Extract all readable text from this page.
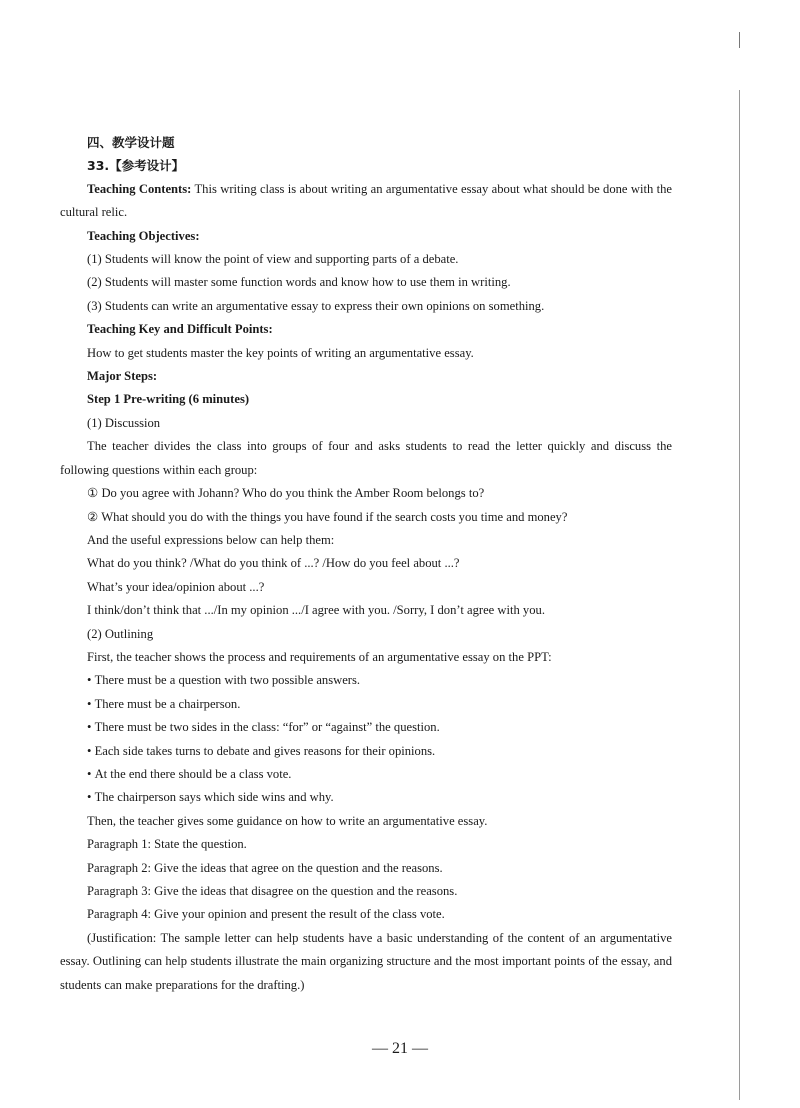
四、教学设计题

33.【参考设计】

Teaching Contents: This writing class is about writing an argumentative essay about what should be done with the cultural relic.

Teaching Objectives:

(1) Students will know the point of view and supporting parts of a debate.

(2) Students will master some function words and know how to use them in writing.

(3) Students can write an argumentative essay to express their own opinions on something.

Teaching Key and Difficult Points:

How to get students master the key points of writing an argumentative essay.

Major Steps:

Step 1 Pre-writing (6 minutes)

(1) Discussion

The teacher divides the class into groups of four and asks students to read the letter quickly and discuss the following questions within each group:

① Do you agree with Johann? Who do you think the Amber Room belongs to?

② What should you do with the things you have found if the search costs you time and money?

And the useful expressions below can help them:

What do you think? /What do you think of ...? /How do you feel about ...?

What’s your idea/opinion about ...?

I think/don’t think that .../In my opinion .../I agree with you. /Sorry, I don’t agree with you.

(2) Outlining

First, the teacher shows the process and requirements of an argumentative essay on the PPT:

• There must be a question with two possible answers.

• There must be a chairperson.

• There must be two sides in the class: “for” or “against” the question.

• Each side takes turns to debate and gives reasons for their opinions.

• At the end there should be a class vote.

• The chairperson says which side wins and why.

Then, the teacher gives some guidance on how to write an argumentative essay.

Paragraph 1: State the question.

Paragraph 2: Give the ideas that agree on the question and the reasons.

Paragraph 3: Give the ideas that disagree on the question and the reasons.

Paragraph 4: Give your opinion and present the result of the class vote.

(Justification: The sample letter can help students have a basic understanding of the content of an argumentative essay. Outlining can help students illustrate the main organizing structure and the most important points of the essay, and students can make preparations for the drafting.)

— 21 —
